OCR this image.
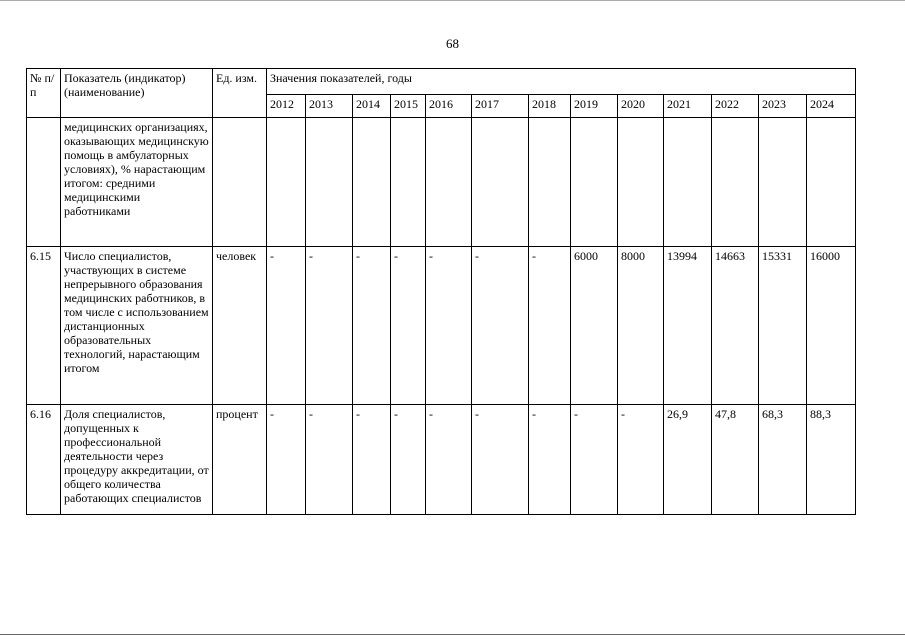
68
№ п/п	Показатель (индикатор) (наименование)	Ед. изм.	Значения показателей, годы												
			2012	2013	2014	2015	2016	2017	2018	2019	2020	2021	2022	2023	2024
	медицинских организациях, оказывающих медицинскую помощь в амбулаторных условиях), % нарастающим итогом: средними медицинскими работниками														
6.15	Число специалистов, участвующих в системе непрерывного образования медицинских работников, в том числе с использованием дистанционных образовательных технологий, нарастающим итогом	человек	-	-	-	-	-	-	-	6000	8000	13994	14663	15331	16000
6.16	Доля специалистов, допущенных к профессиональной деятельности через процедуру аккредитации, от общего количества работающих специалистов	процент	-	-	-	-	-	-	-	-	-	26,9	47,8	68,3	88,3
